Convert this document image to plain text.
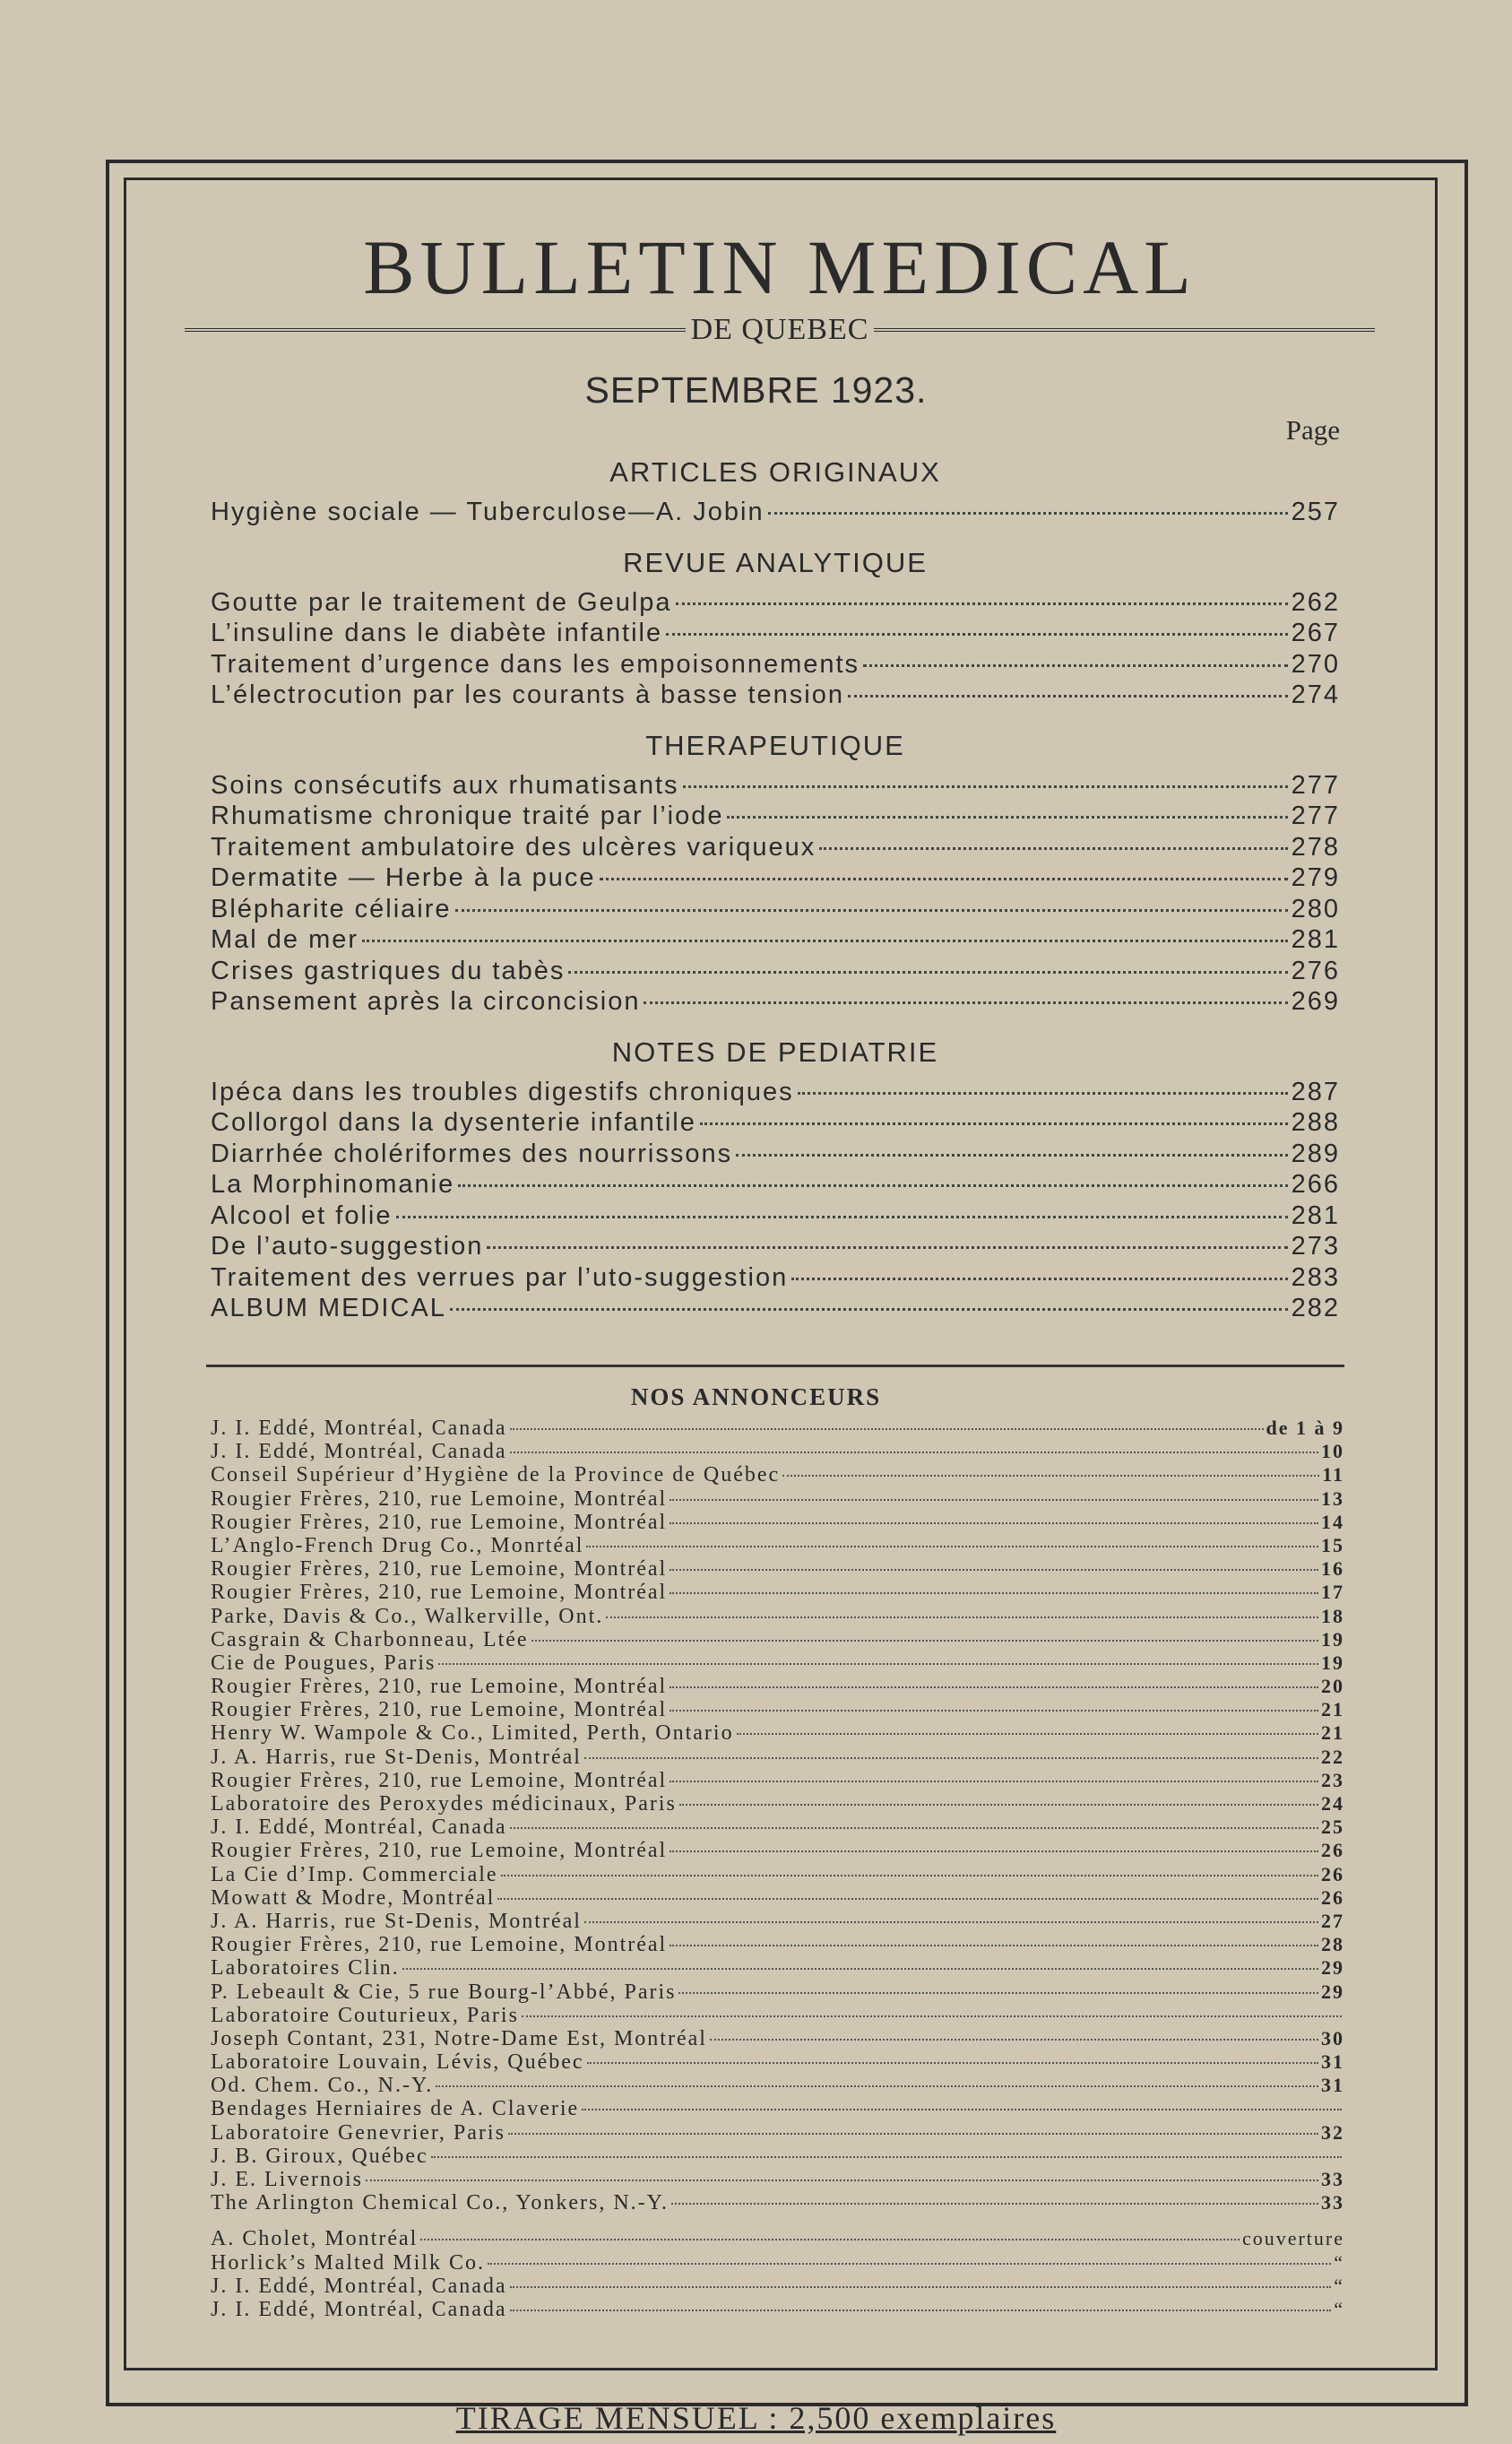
BULLETIN MEDICAL
DE QUEBEC
SEPTEMBRE 1923.
Page
ARTICLES ORIGINAUX
Hygiène sociale — Tuberculose—A. Jobin	257
REVUE ANALYTIQUE
Goutte par le traitement de Geulpa	262
L’insuline dans le diabète infantile	267
Traitement d’urgence dans les empoisonnements	270
L’électrocution par les courants à basse tension	274
THERAPEUTIQUE
Soins consécutifs aux rhumatisants	277
Rhumatisme chronique traité par l’iode	277
Traitement ambulatoire des ulcères variqueux	278
Dermatite — Herbe à la puce	279
Blépharite céliaire	280
Mal de mer	281
Crises gastriques du tabès	276
Pansement après la circoncision	269
NOTES DE PEDIATRIE
Ipéca dans les troubles digestifs chroniques	287
Collorgol dans la dysenterie infantile	288
Diarrhée cholériformes des nourrissons	289
La Morphinomanie	266
Alcool et folie	281
De l’auto-suggestion	273
Traitement des verrues par l’uto-suggestion	283
ALBUM MEDICAL	282
NOS ANNONCEURS
J. I. Eddé, Montréal, Canada	de 1 à 9
J. I. Eddé, Montréal, Canada	10
Conseil Supérieur d’Hygiène de la Province de Québec	11
Rougier Frères, 210, rue Lemoine, Montréal	13
Rougier Frères, 210, rue Lemoine, Montréal	14
L’Anglo-French Drug Co., Monrtéal	15
Rougier Frères, 210, rue Lemoine, Montréal	16
Rougier Frères, 210, rue Lemoine, Montréal	17
Parke, Davis & Co., Walkerville, Ont.	18
Casgrain & Charbonneau, Ltée	19
Cie de Pougues, Paris	19
Rougier Frères, 210, rue Lemoine, Montréal	20
Rougier Frères, 210, rue Lemoine, Montréal	21
Henry W. Wampole & Co., Limited, Perth, Ontario	21
J. A. Harris, rue St-Denis, Montréal	22
Rougier Frères, 210, rue Lemoine, Montréal	23
Laboratoire des Peroxydes médicinaux, Paris	24
J. I. Eddé, Montréal, Canada	25
Rougier Frères, 210, rue Lemoine, Montréal	26
La Cie d’Imp. Commerciale	26
Mowatt & Modre, Montréal	26
J. A. Harris, rue St-Denis, Montréal	27
Rougier Frères, 210, rue Lemoine, Montréal	28
Laboratoires Clin.	29
P. Lebeault & Cie, 5 rue Bourg-l’Abbé, Paris	29
Laboratoire Couturieux, Paris
Joseph Contant, 231, Notre-Dame Est, Montréal	30
Laboratoire Louvain, Lévis, Québec	31
Od. Chem. Co., N.-Y.	31
Bendages Herniaires de A. Claverie
Laboratoire Genevrier, Paris	32
J. B. Giroux, Québec
J. E. Livernois	33
The Arlington Chemical Co., Yonkers, N.-Y.	33
A. Cholet, Montréal	couverture
Horlick’s Malted Milk Co.	“
J. I. Eddé, Montréal, Canada	“
J. I. Eddé, Montréal, Canada	“
TIRAGE MENSUEL : 2,500 exemplaires
